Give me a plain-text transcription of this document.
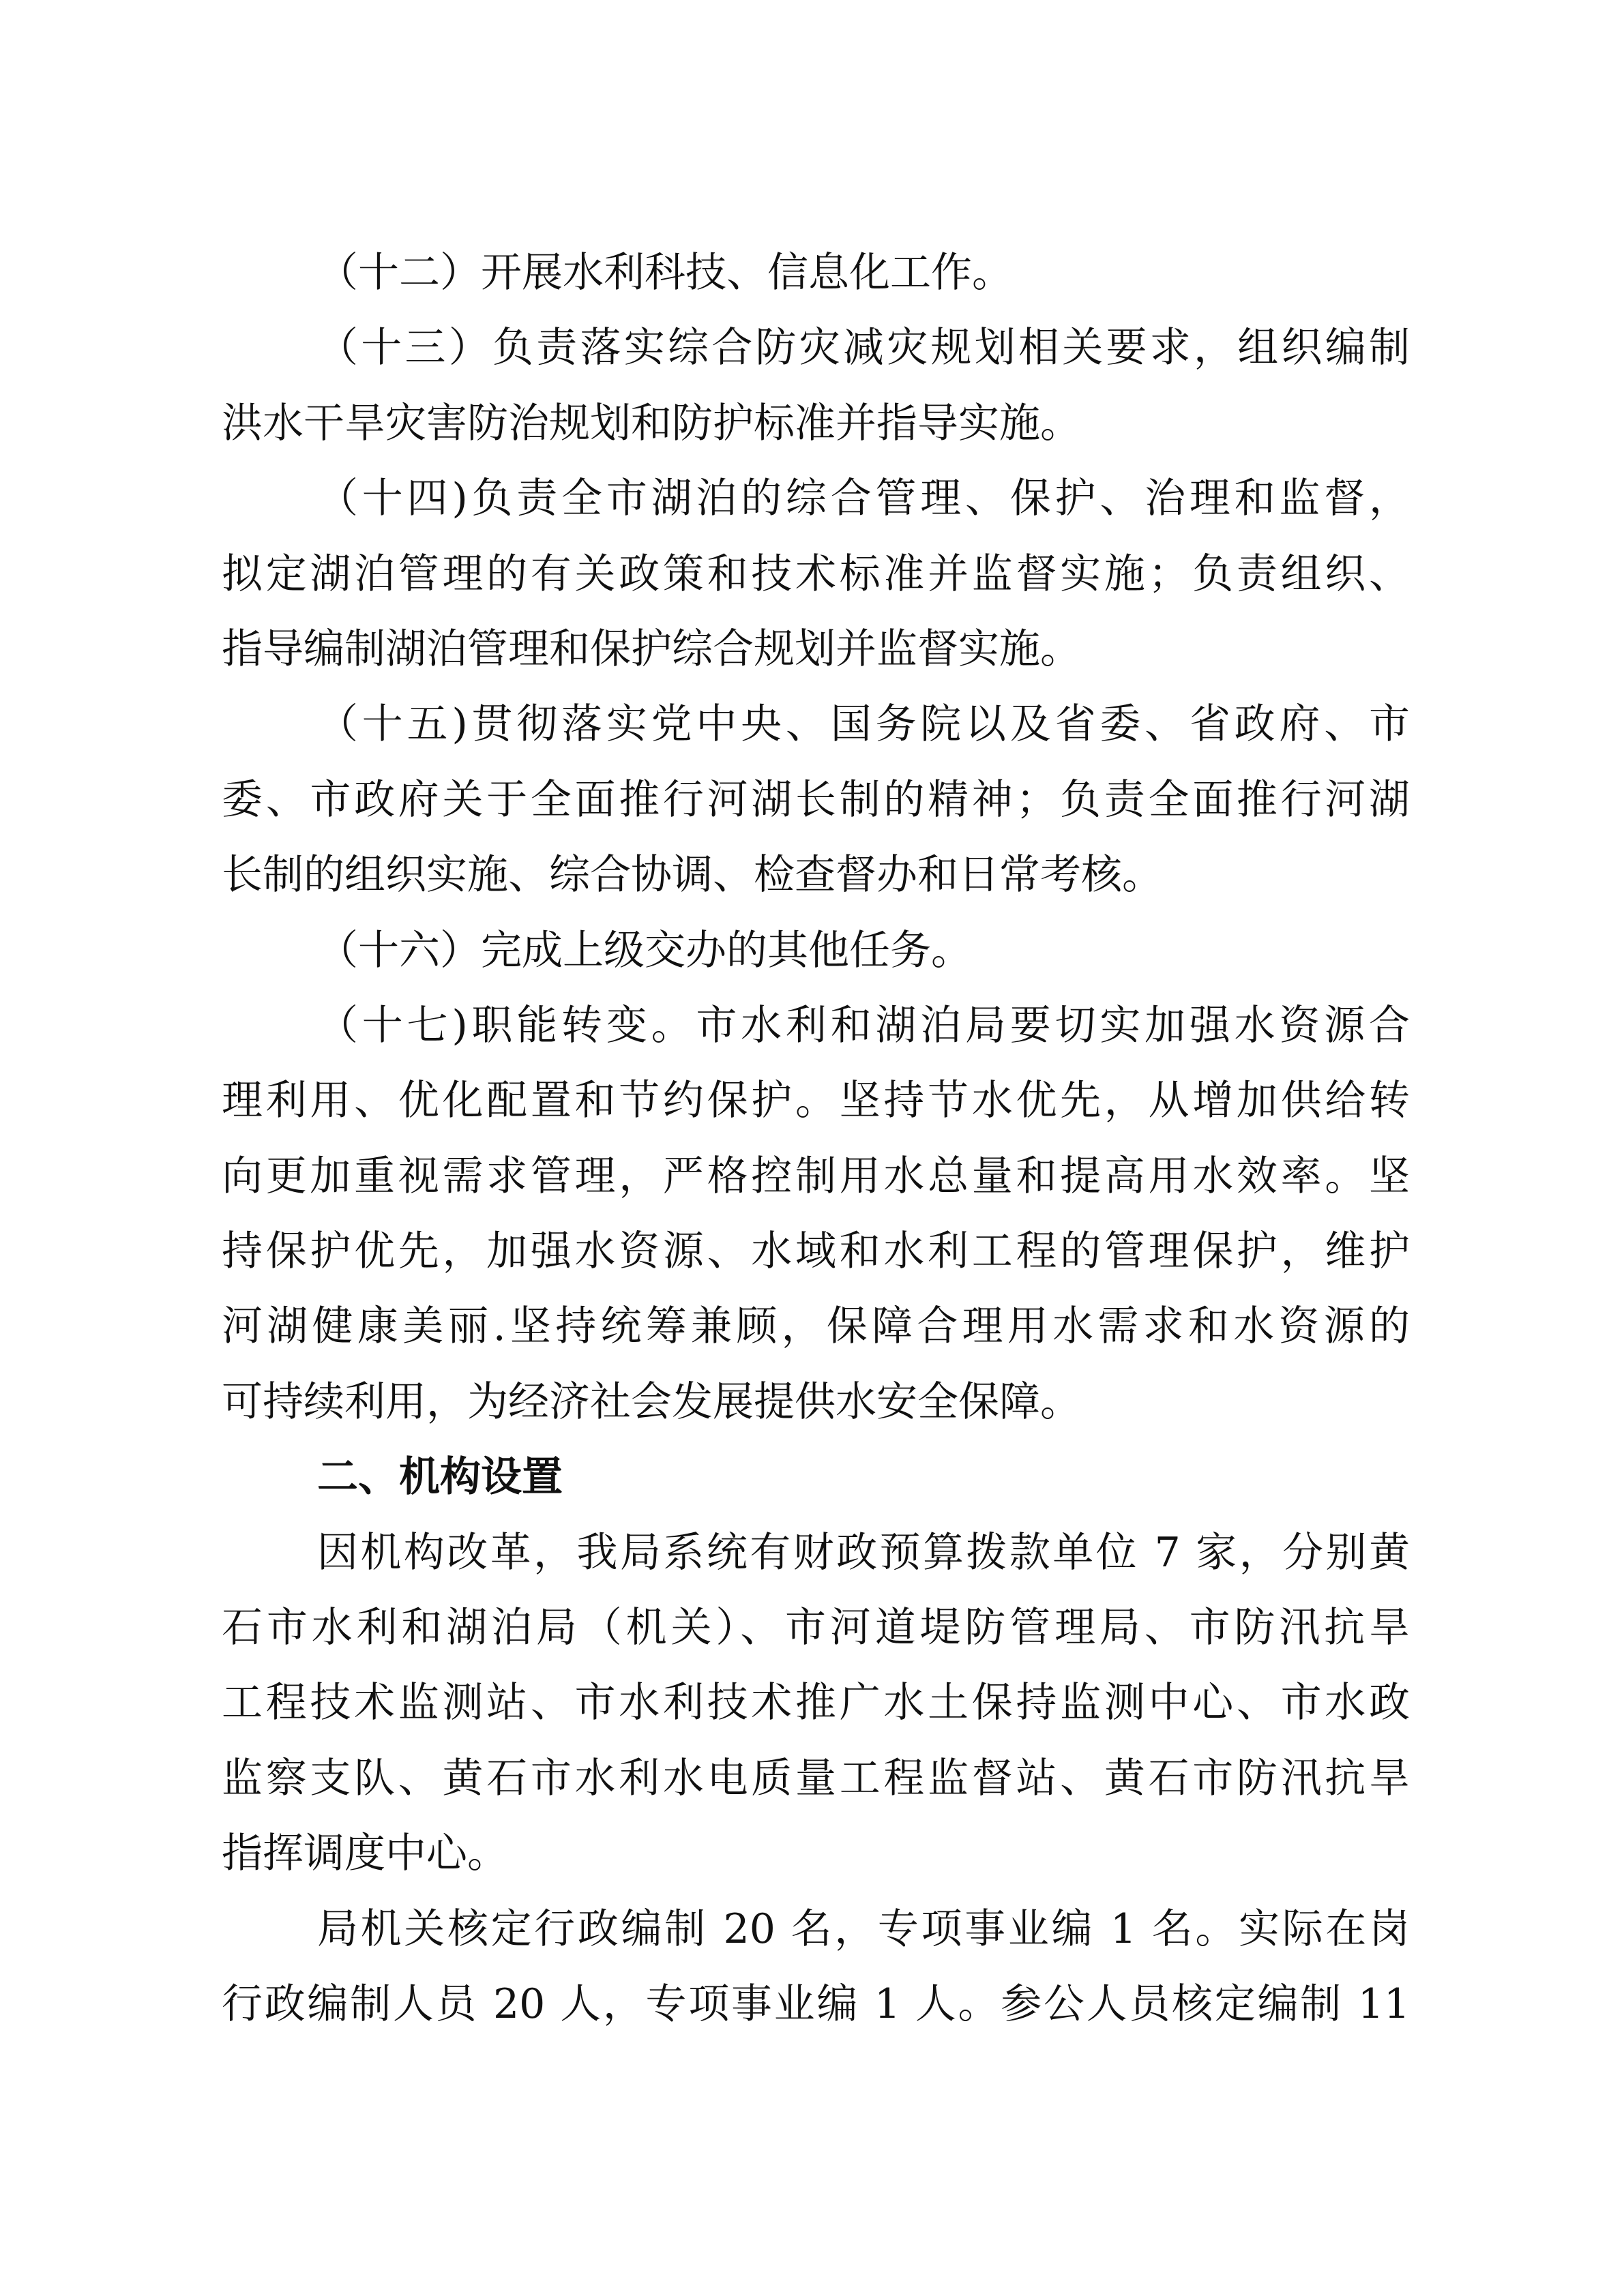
（十二）开展水利科技、信息化工作。
（十三）负责落实综合防灾减灾规划相关要求，组织编制
洪水干旱灾害防治规划和防护标准并指导实施。
（十四)负责全市湖泊的综合管理、保护、治理和监督，
拟定湖泊管理的有关政策和技术标准并监督实施；负责组织、
指导编制湖泊管理和保护综合规划并监督实施。
（十五)贯彻落实党中央、国务院以及省委、省政府、市
委、市政府关于全面推行河湖长制的精神；负责全面推行河湖
长制的组织实施、综合协调、检查督办和日常考核。
（十六）完成上级交办的其他任务。
（十七)职能转变。市水利和湖泊局要切实加强水资源合
理利用、优化配置和节约保护。坚持节水优先，从增加供给转
向更加重视需求管理，严格控制用水总量和提高用水效率。坚
持保护优先，加强水资源、水域和水利工程的管理保护，维护
河湖健康美丽.坚持统筹兼顾，保障合理用水需求和水资源的
可持续利用，为经济社会发展提供水安全保障。
二、机构设置
因机构改革，我局系统有财政预算拨款单位 7 家，分别黄
石市水利和湖泊局（机关）、市河道堤防管理局、市防汛抗旱
工程技术监测站、市水利技术推广水土保持监测中心、市水政
监察支队、黄石市水利水电质量工程监督站、黄石市防汛抗旱
指挥调度中心。
局机关核定行政编制 20 名，专项事业编 1 名。实际在岗
行政编制人员 20 人，专项事业编 1 人。参公人员核定编制 11
